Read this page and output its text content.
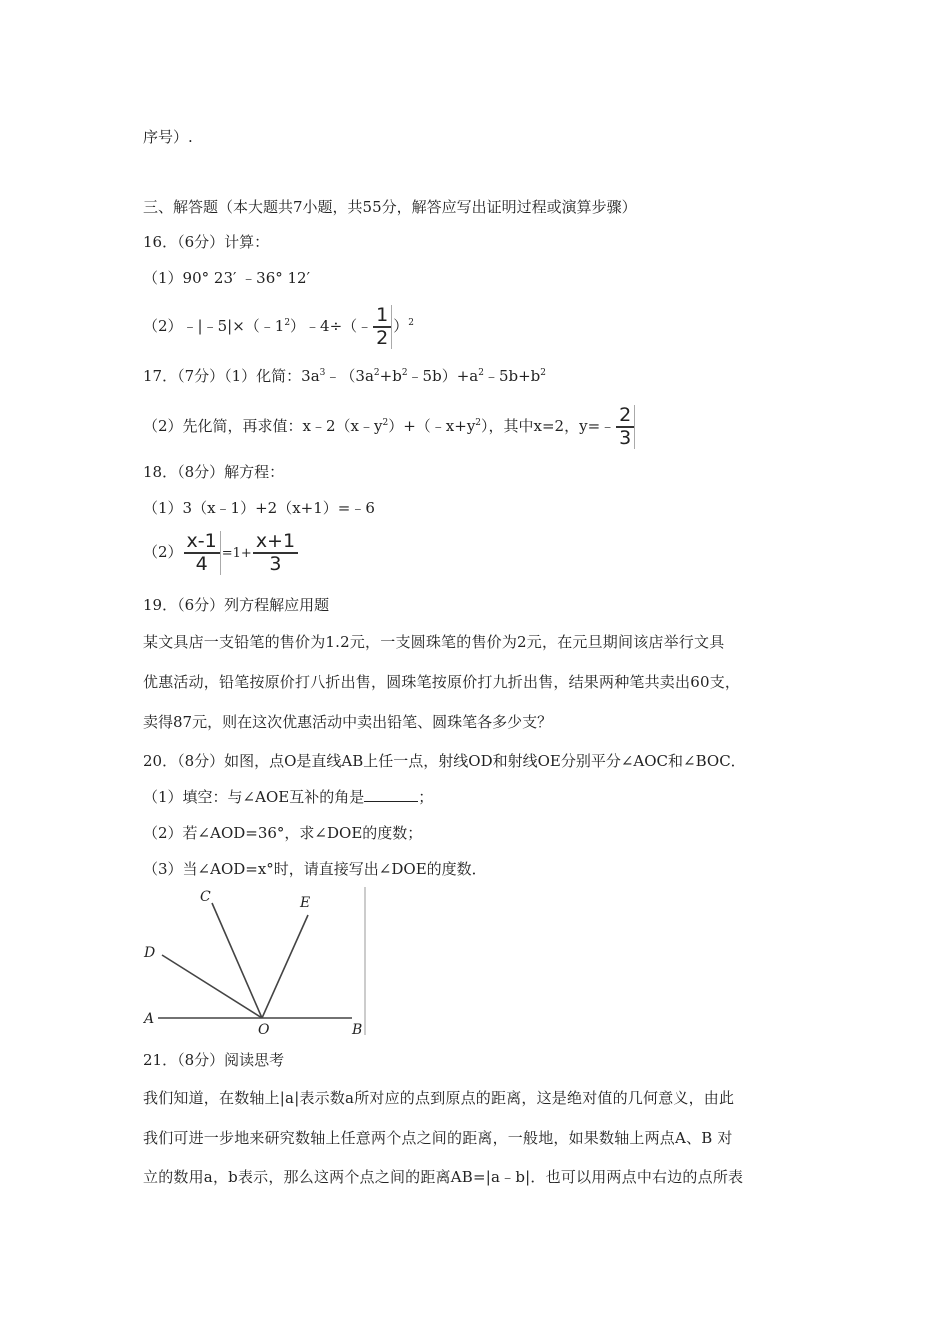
序号）.
三、解答题（本大题共7小题，共55分，解答应写出证明过程或演算步骤）
16．（6分）计算：
（1）90° 23′ ﹣36° 12′
$(2)﹣|﹣5|\times(﹣1^2)﹣4\div(﹣ \frac{1}{2} )^2$
17．（7分）（1）化简：$3a^3﹣(3a^2+b^2﹣5b)+a^2﹣5b+b^2$
（2）先化简，再求值：$x﹣2(x﹣y^2)+(﹣x+y^2)$，其中x=2，y=﹣ $\frac{2}{3}$
18．（8分）解方程：
（1）3（x﹣1）+2（x+1）=﹣6
$(2) \frac{x-1}{4} =1+ \frac{x+1}{3}$
19．（6分）列方程解应用题
某文具店一支铅笔的售价为1.2元，一支圆珠笔的售价为2元，在元旦期间该店举行文具
优惠活动，铅笔按原价打八折出售，圆珠笔按原价打九折出售，结果两种笔共卖出60支，
卖得87元，则在这次优惠活动中卖出铅笔、圆珠笔各多少支？
20．（8分）如图，点O是直线AB上任一点，射线OD和射线OE分别平分∠AOC和∠BOC．
（1）填空：与∠AOE互补的角是	；
（2）若∠AOD=36°，求∠DOE的度数；
（3）当∠AOD=x°时，请直接写出∠DOE的度数．
C	E
D
A
O	B
21．（8分）阅读思考
我们知道，在数轴上|a|表示数a所对应的点到原点的距离，这是绝对值的几何意义，由此
我们可进一步地来研究数轴上任意两个点之间的距离，一般地，如果数轴上两点A、B 对
立的数用a，b表示，那么这两个点之间的距离AB=|a﹣b|．也可以用两点中右边的点所表
